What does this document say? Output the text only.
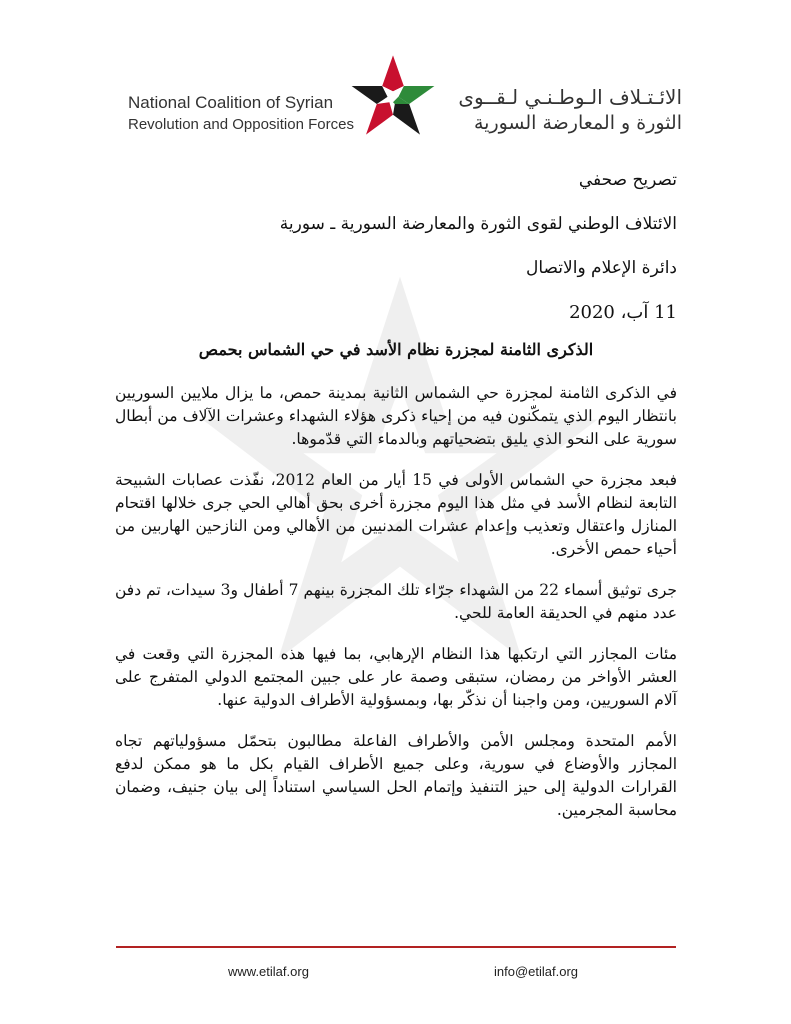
National Coalition of Syrian
Revolution and Opposition Forces
الائـتـلاف الـوطـنـي لـقــوى
الثورة و المعارضة السورية

تصريح صحفي

الائتلاف الوطني لقوى الثورة والمعارضة السورية ـ سورية

دائرة الإعلام والاتصال

11 آب، 2020

الذكرى الثامنة لمجزرة نظام الأسد في حي الشماس بحمص

في الذكرى الثامنة لمجزرة حي الشماس الثانية بمدينة حمص، ما يزال ملايين السوريين بانتظار اليوم الذي يتمكّنون فيه من إحياء ذكرى هؤلاء الشهداء وعشرات الآلاف من أبطال سورية على النحو الذي يليق بتضحياتهم وبالدماء التي قدّموها.

فبعد مجزرة حي الشماس الأولى في 15 أيار من العام 2012، نفّذت عصابات الشبيحة التابعة لنظام الأسد في مثل هذا اليوم مجزرة أخرى بحق أهالي الحي جرى خلالها اقتحام المنازل واعتقال وتعذيب وإعدام عشرات المدنيين من الأهالي ومن النازحين الهاربين من أحياء حمص الأخرى.

جرى توثيق أسماء 22 من الشهداء جرّاء تلك المجزرة بينهم 7 أطفال و3 سيدات، تم دفن عدد منهم في الحديقة العامة للحي.

مئات المجازر التي ارتكبها هذا النظام الإرهابي، بما فيها هذه المجزرة التي وقعت في العشر الأواخر من رمضان، ستبقى وصمة عار على جبين المجتمع الدولي المتفرج على آلام السوريين، ومن واجبنا أن نذكّر بها، وبمسؤولية الأطراف الدولية عنها.

الأمم المتحدة ومجلس الأمن والأطراف الفاعلة مطالبون بتحمّل مسؤولياتهم تجاه المجازر والأوضاع في سورية، وعلى جميع الأطراف القيام بكل ما هو ممكن لدفع القرارات الدولية إلى حيز التنفيذ وإتمام الحل السياسي استناداً إلى بيان جنيف، وضمان محاسبة المجرمين.

www.etilaf.org	info@etilaf.org
